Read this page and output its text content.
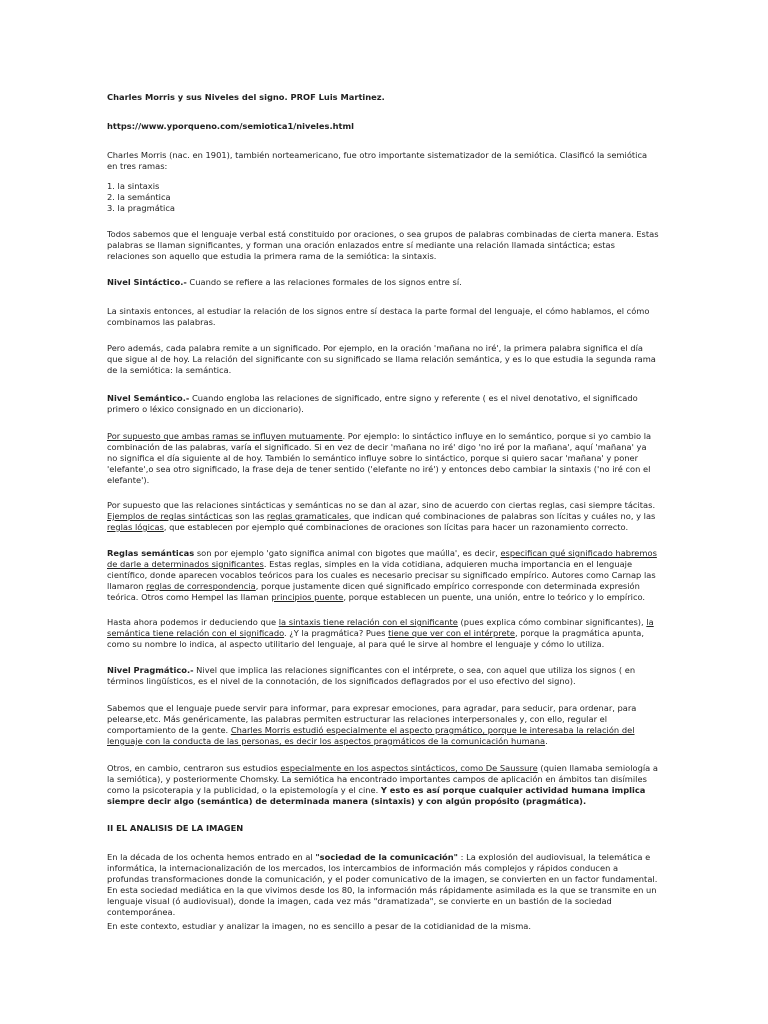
Charles Morris y sus Niveles del signo. PROF Luis Martinez.

https://www.yporqueno.com/semiotica1/niveles.html

Charles Morris (nac. en 1901), también norteamericano, fue otro importante sistematizador de la semiótica. Clasificó la semiótica en tres ramas:

1. la sintaxis
2. la semántica
3. la pragmática

Todos sabemos que el lenguaje verbal está constituido por oraciones, o sea grupos de palabras combinadas de cierta manera. Estas palabras se llaman significantes, y forman una oración enlazados entre sí mediante una relación llamada sintáctica; estas relaciones son aquello que estudia la primera rama de la semiótica: la sintaxis.

Nivel Sintáctico.- Cuando se refiere a las relaciones formales de los signos entre sí.

La sintaxis entonces, al estudiar la relación de los signos entre sí destaca la parte formal del lenguaje, el cómo hablamos, el cómo combinamos las palabras.

Pero además, cada palabra remite a un significado. Por ejemplo, en la oración 'mañana no iré', la primera palabra significa el día que sigue al de hoy. La relación del significante con su significado se llama relación semántica, y es lo que estudia la segunda rama de la semiótica: la semántica.

Nivel Semántico.- Cuando engloba las relaciones de significado, entre signo y referente ( es el nivel denotativo, el significado primero o léxico consignado en un diccionario).

Por supuesto que ambas ramas se influyen mutuamente. Por ejemplo: lo sintáctico influye en lo semántico, porque si yo cambio la combinación de las palabras, varía el significado. Si en vez de decir 'mañana no iré' digo 'no iré por la mañana', aquí 'mañana' ya no significa el día siguiente al de hoy. También lo semántico influye sobre lo sintáctico, porque si quiero sacar 'mañana' y poner 'elefante',o sea otro significado, la frase deja de tener sentido ('elefante no iré') y entonces debo cambiar la sintaxis ('no iré con el elefante').

Por supuesto que las relaciones sintácticas y semánticas no se dan al azar, sino de acuerdo con ciertas reglas, casi siempre tácitas. Ejemplos de reglas sintácticas son las reglas gramaticales, que indican qué combinaciones de palabras son lícitas y cuáles no, y las reglas lógicas, que establecen por ejemplo qué combinaciones de oraciones son lícitas para hacer un razonamiento correcto.

Reglas semánticas son por ejemplo 'gato significa animal con bigotes que maúlla', es decir, especifican qué significado habremos de darle a determinados significantes. Estas reglas, simples en la vida cotidiana, adquieren mucha importancia en el lenguaje científico, donde aparecen vocablos teóricos para los cuales es necesario precisar su significado empírico. Autores como Carnap las llamaron reglas de correspondencia, porque justamente dicen qué significado empírico corresponde con determinada expresión teórica. Otros como Hempel las llaman principios puente, porque establecen un puente, una unión, entre lo teórico y lo empírico.

Hasta ahora podemos ir deduciendo que la sintaxis tiene relación con el significante (pues explica cómo combinar significantes), la semántica tiene relación con el significado. ¿Y la pragmática? Pues tiene que ver con el intérprete, porque la pragmática apunta, como su nombre lo indica, al aspecto utilitario del lenguaje, al para qué le sirve al hombre el lenguaje y cómo lo utiliza.

Nivel Pragmático.- Nivel que implica las relaciones significantes con el intérprete, o sea, con aquel que utiliza los signos ( en términos lingüísticos, es el nivel de la connotación, de los significados deflagrados por el uso efectivo del signo).

Sabemos que el lenguaje puede servir para informar, para expresar emociones, para agradar, para seducir, para ordenar, para pelearse,etc. Más genéricamente, las palabras permiten estructurar las relaciones interpersonales y, con ello, regular el comportamiento de la gente. Charles Morris estudió especialmente el aspecto pragmático, porque le interesaba la relación del lenguaje con la conducta de las personas, es decir los aspectos pragmáticos de la comunicación humana.

Otros, en cambio, centraron sus estudios especialmente en los aspectos sintácticos, como De Saussure (quien llamaba semiología a la semiótica), y posteriormente Chomsky. La semiótica ha encontrado importantes campos de aplicación en ámbitos tan disímiles como la psicoterapia y la publicidad, o la epistemología y el cine. Y esto es así porque cualquier actividad humana implica siempre decir algo (semántica) de determinada manera (sintaxis) y con algún propósito (pragmática).

II EL ANALISIS DE LA IMAGEN

En la década de los ochenta hemos entrado en al "sociedad de la comunicación" : La explosión del audiovisual, la telemática e informática, la internacionalización de los mercados, los intercambios de información más complejos y rápidos conducen a profundas transformaciones donde la comunicación, y el poder comunicativo de la imagen, se convierten en un factor fundamental. En esta sociedad mediática en la que vivimos desde los 80, la información más rápidamente asimilada es la que se transmite en un lenguaje visual (ó audiovisual), donde la imagen, cada vez más "dramatizada", se convierte en un bastión de la sociedad contemporánea.

En este contexto, estudiar y analizar la imagen, no es sencillo a pesar de la cotidianidad de la misma.
